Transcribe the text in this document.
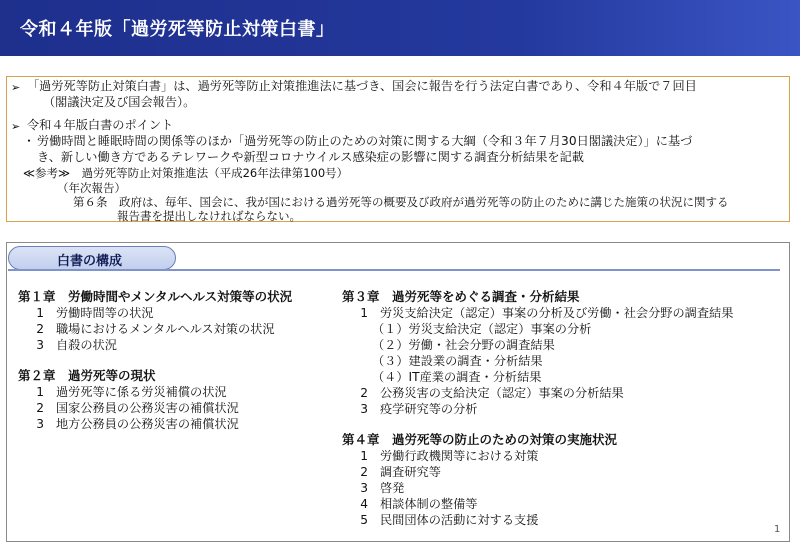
令和４年版「過労死等防止対策白書」
➢ 「過労死等防止対策白書」は、過労死等防止対策推進法に基づき、国会に報告を行う法定白書であり、令和４年版で７回目
（閣議決定及び国会報告）。
➢ 令和４年版白書のポイント
・ 労働時間と睡眠時間の関係等のほか「過労死等の防止のための対策に関する大綱（令和３年７月30日閣議決定）」に基づ
き、新しい働き方であるテレワークや新型コロナウイルス感染症の影響に関する調査分析結果を記載
≪参考≫　過労死等防止対策推進法（平成26年法律第100号）
（年次報告）
第６条　政府は、毎年、国会に、我が国における過労死等の概要及び政府が過労死等の防止のために講じた施策の状況に関する
報告書を提出しなければならない。
白書の構成
第１章　労働時間やメンタルヘルス対策等の状況
1 労働時間等の状況
2 職場におけるメンタルヘルス対策の状況
3 自殺の状況
第２章　過労死等の現状
1 過労死等に係る労災補償の状況
2 国家公務員の公務災害の補償状況
3 地方公務員の公務災害の補償状況
第３章　過労死等をめぐる調査・分析結果
1 労災支給決定（認定）事案の分析及び労働・社会分野の調査結果
（１）労災支給決定（認定）事案の分析
（２）労働・社会分野の調査結果
（３）建設業の調査・分析結果
（４）IT産業の調査・分析結果
2 公務災害の支給決定（認定）事案の分析結果
3 疫学研究等の分析
第４章　過労死等の防止のための対策の実施状況
1 労働行政機関等における対策
2 調査研究等
3 啓発
4 相談体制の整備等
5 民間団体の活動に対する支援
1
